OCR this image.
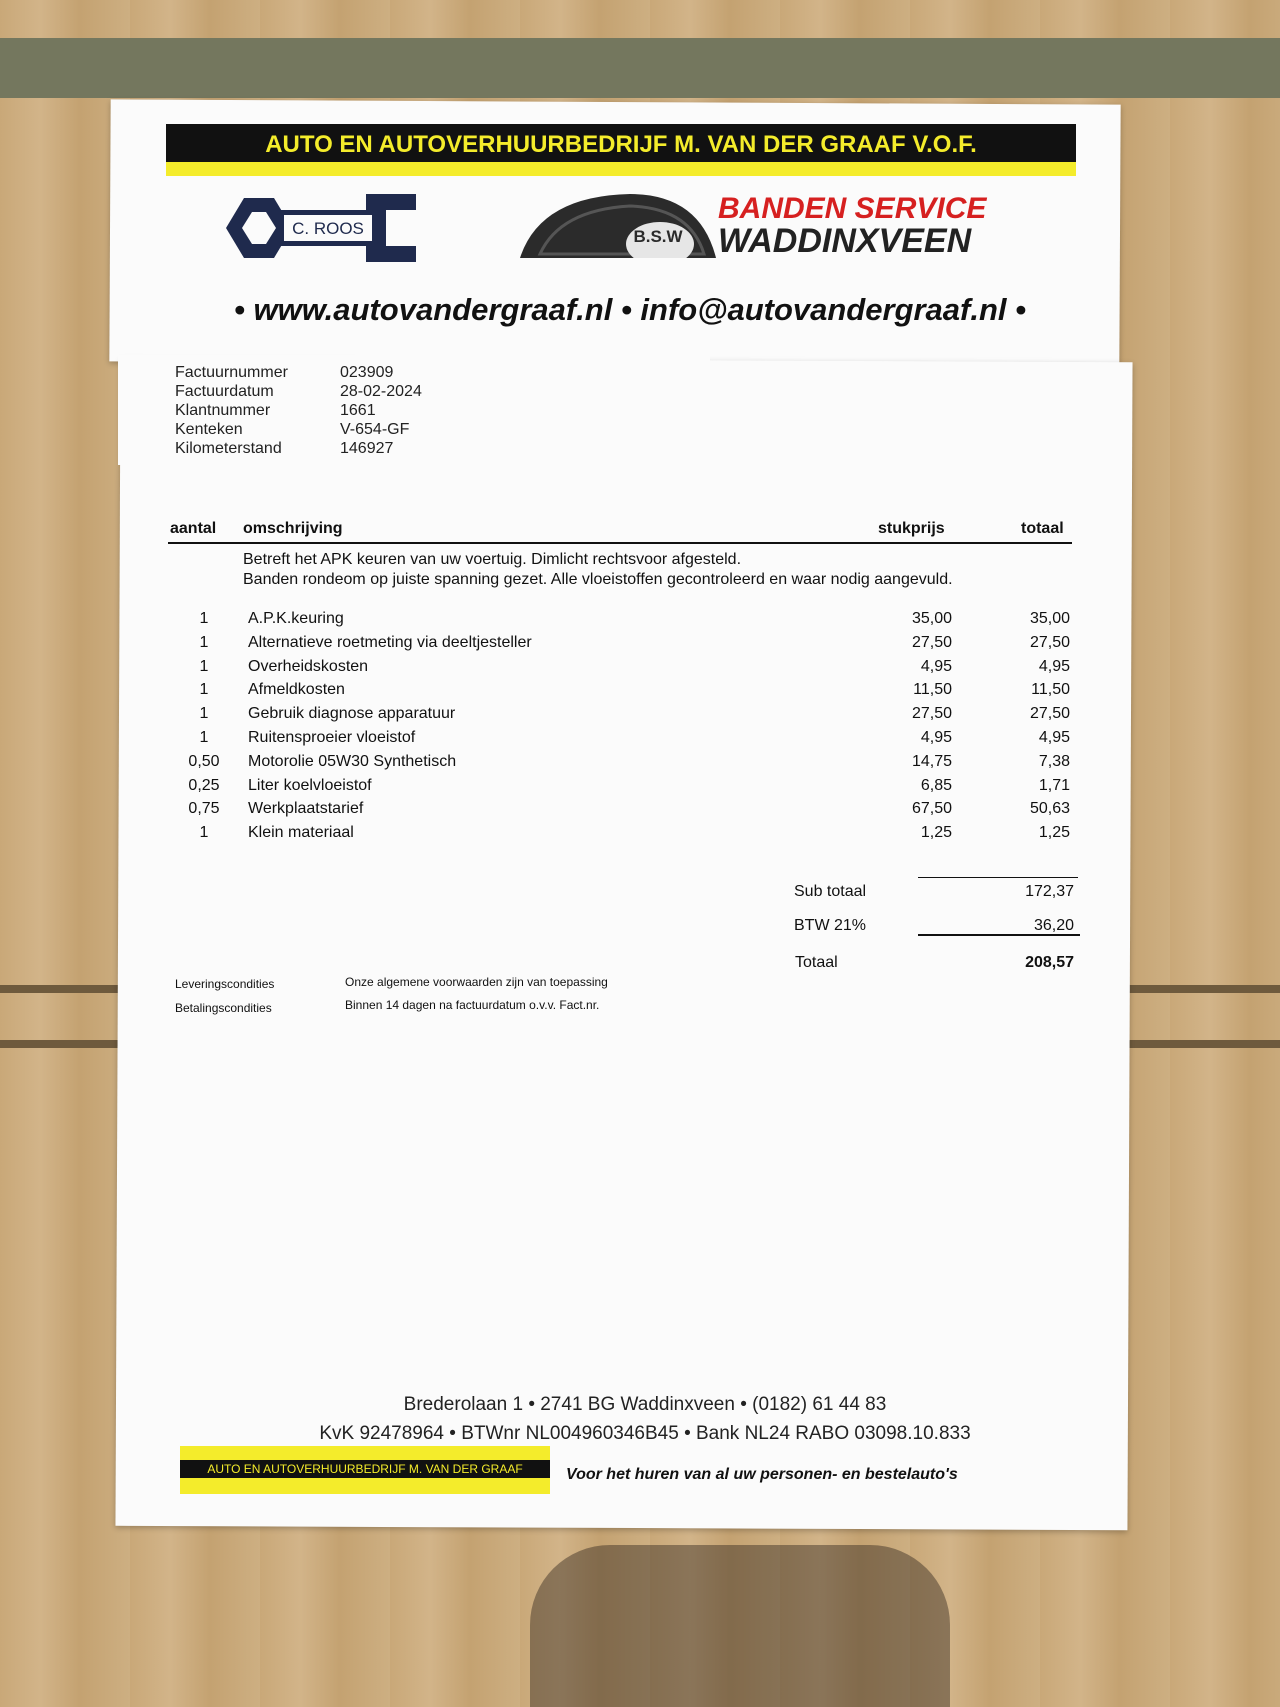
AUTO EN AUTOVERHUURBEDRIJF M. VAN DER GRAAF V.O.F.
C. ROOS	B.S.W
BANDEN SERVICE
WADDINXVEEN
• www.autovandergraaf.nl • info@autovandergraaf.nl •
Factuurnummer	023909
Factuurdatum	28-02-2024
Klantnummer	1661
Kenteken	V-654-GF
Kilometerstand	146927
aantal omschrijving	stukprijs	totaal
Betreft het APK keuren van uw voertuig. Dimlicht rechtsvoor afgesteld.
Banden rondeom op juiste spanning gezet. Alle vloeistoffen gecontroleerd en waar nodig aangevuld.
1	A.P.K.keuring	35,00	35,00
1	Alternatieve roetmeting via deeltjesteller	27,50	27,50
1	Overheidskosten	4,95	4,95
1	Afmeldkosten	11,50	11,50
1	Gebruik diagnose apparatuur	27,50	27,50
1	Ruitensproeier vloeistof	4,95	4,95
0,50	Motorolie 05W30 Synthetisch	14,75	7,38
0,25	Liter koelvloeistof	6,85	1,71
0,75	Werkplaatstarief	67,50	50,63
1	Klein materiaal	1,25	1,25
Sub totaal	172,37
BTW 21%	36,20
Totaal	208,57
Leveringscondities	Onze algemene voorwaarden zijn van toepassing
Betalingscondities	Binnen 14 dagen na factuurdatum o.v.v. Fact.nr.
Brederolaan 1 • 2741 BG Waddinxveen • (0182) 61 44 83
KvK 92478964 • BTWnr NL004960346B45 • Bank NL24 RABO 03098.10.833
AUTO EN AUTOVERHUURBEDRIJF M. VAN DER GRAAF	Voor het huren van al uw personen- en bestelauto's
